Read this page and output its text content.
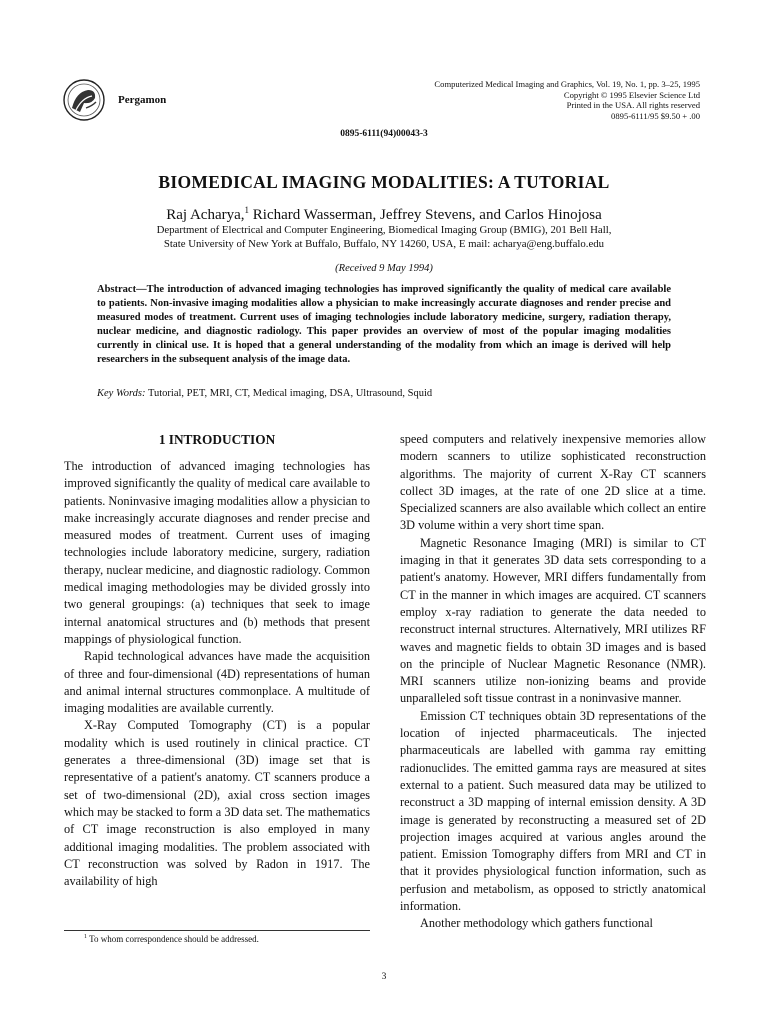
Pergamon
Computerized Medical Imaging and Graphics, Vol. 19, No. 1, pp. 3–25, 1995
Copyright © 1995 Elsevier Science Ltd
Printed in the USA. All rights reserved
0895-6111/95 $9.50 + .00
0895-6111(94)00043-3
BIOMEDICAL IMAGING MODALITIES: A TUTORIAL
Raj Acharya,$^1$ Richard Wasserman, Jeffrey Stevens, and Carlos Hinojosa
Department of Electrical and Computer Engineering, Biomedical Imaging Group (BMIG), 201 Bell Hall,
State University of New York at Buffalo, Buffalo, NY 14260, USA, E mail: acharya@eng.buffalo.edu
(Received 9 May 1994)
Abstract—The introduction of advanced imaging technologies has improved significantly the quality of medical care available to patients. Non-invasive imaging modalities allow a physician to make increasingly accurate diagnoses and render precise and measured modes of treatment. Current uses of imaging technologies include laboratory medicine, surgery, radiation therapy, nuclear medicine, and diagnostic radiology. This paper provides an overview of most of the popular imaging modalities currently in clinical use. It is hoped that a general understanding of the modality from which an image is derived will help researchers in the subsequent analysis of the image data.
Key Words: Tutorial, PET, MRI, CT, Medical imaging, DSA, Ultrasound, Squid
1 INTRODUCTION

The introduction of advanced imaging technologies has improved significantly the quality of medical care available to patients. Noninvasive imaging modalities allow a physician to make increasingly accurate diagnoses and render precise and measured modes of treatment. Current uses of imaging technologies include laboratory medicine, surgery, radiation therapy, nuclear medicine, and diagnostic radiology. Common medical imaging methodologies may be divided grossly into two general groupings: (a) techniques that seek to image internal anatomical structures and (b) methods that present mappings of physiological function.

Rapid technological advances have made the acquisition of three and four-dimensional (4D) representations of human and animal internal structures commonplace. A multitude of imaging modalities are available currently.

X-Ray Computed Tomography (CT) is a popular modality which is used routinely in clinical practice. CT generates a three-dimensional (3D) image set that is representative of a patient's anatomy. CT scanners produce a set of two-dimensional (2D), axial cross section images which may be stacked to form a 3D data set. The mathematics of CT image reconstruction is also employed in many additional imaging modalities. The problem associated with CT reconstruction was solved by Radon in 1917. The availability of high

speed computers and relatively inexpensive memories allow modern scanners to utilize sophisticated reconstruction algorithms. The majority of current X-Ray CT scanners collect 3D images, at the rate of one 2D slice at a time. Specialized scanners are also available which collect an entire 3D volume within a very short time span.

Magnetic Resonance Imaging (MRI) is similar to CT imaging in that it generates 3D data sets corresponding to a patient's anatomy. However, MRI differs fundamentally from CT in the manner in which images are acquired. CT scanners employ x-ray radiation to generate the data needed to reconstruct internal structures. Alternatively, MRI utilizes RF waves and magnetic fields to obtain 3D images and is based on the principle of Nuclear Magnetic Resonance (NMR). MRI scanners utilize non-ionizing beams and provide unparalleled soft tissue contrast in a noninvasive manner.

Emission CT techniques obtain 3D representations of the location of injected pharmaceuticals. The injected pharmaceuticals are labelled with gamma ray emitting radionuclides. The emitted gamma rays are measured at sites external to a patient. Such measured data may be utilized to reconstruct a 3D mapping of internal emission density. A 3D image is generated by reconstructing a measured set of 2D projection images acquired at various angles around the patient. Emission Tomography differs from MRI and CT in that it provides physiological function information, such as perfusion and metabolism, as opposed to strictly anatomical information.

Another methodology which gathers functional

$^1$ To whom correspondence should be addressed.
3
